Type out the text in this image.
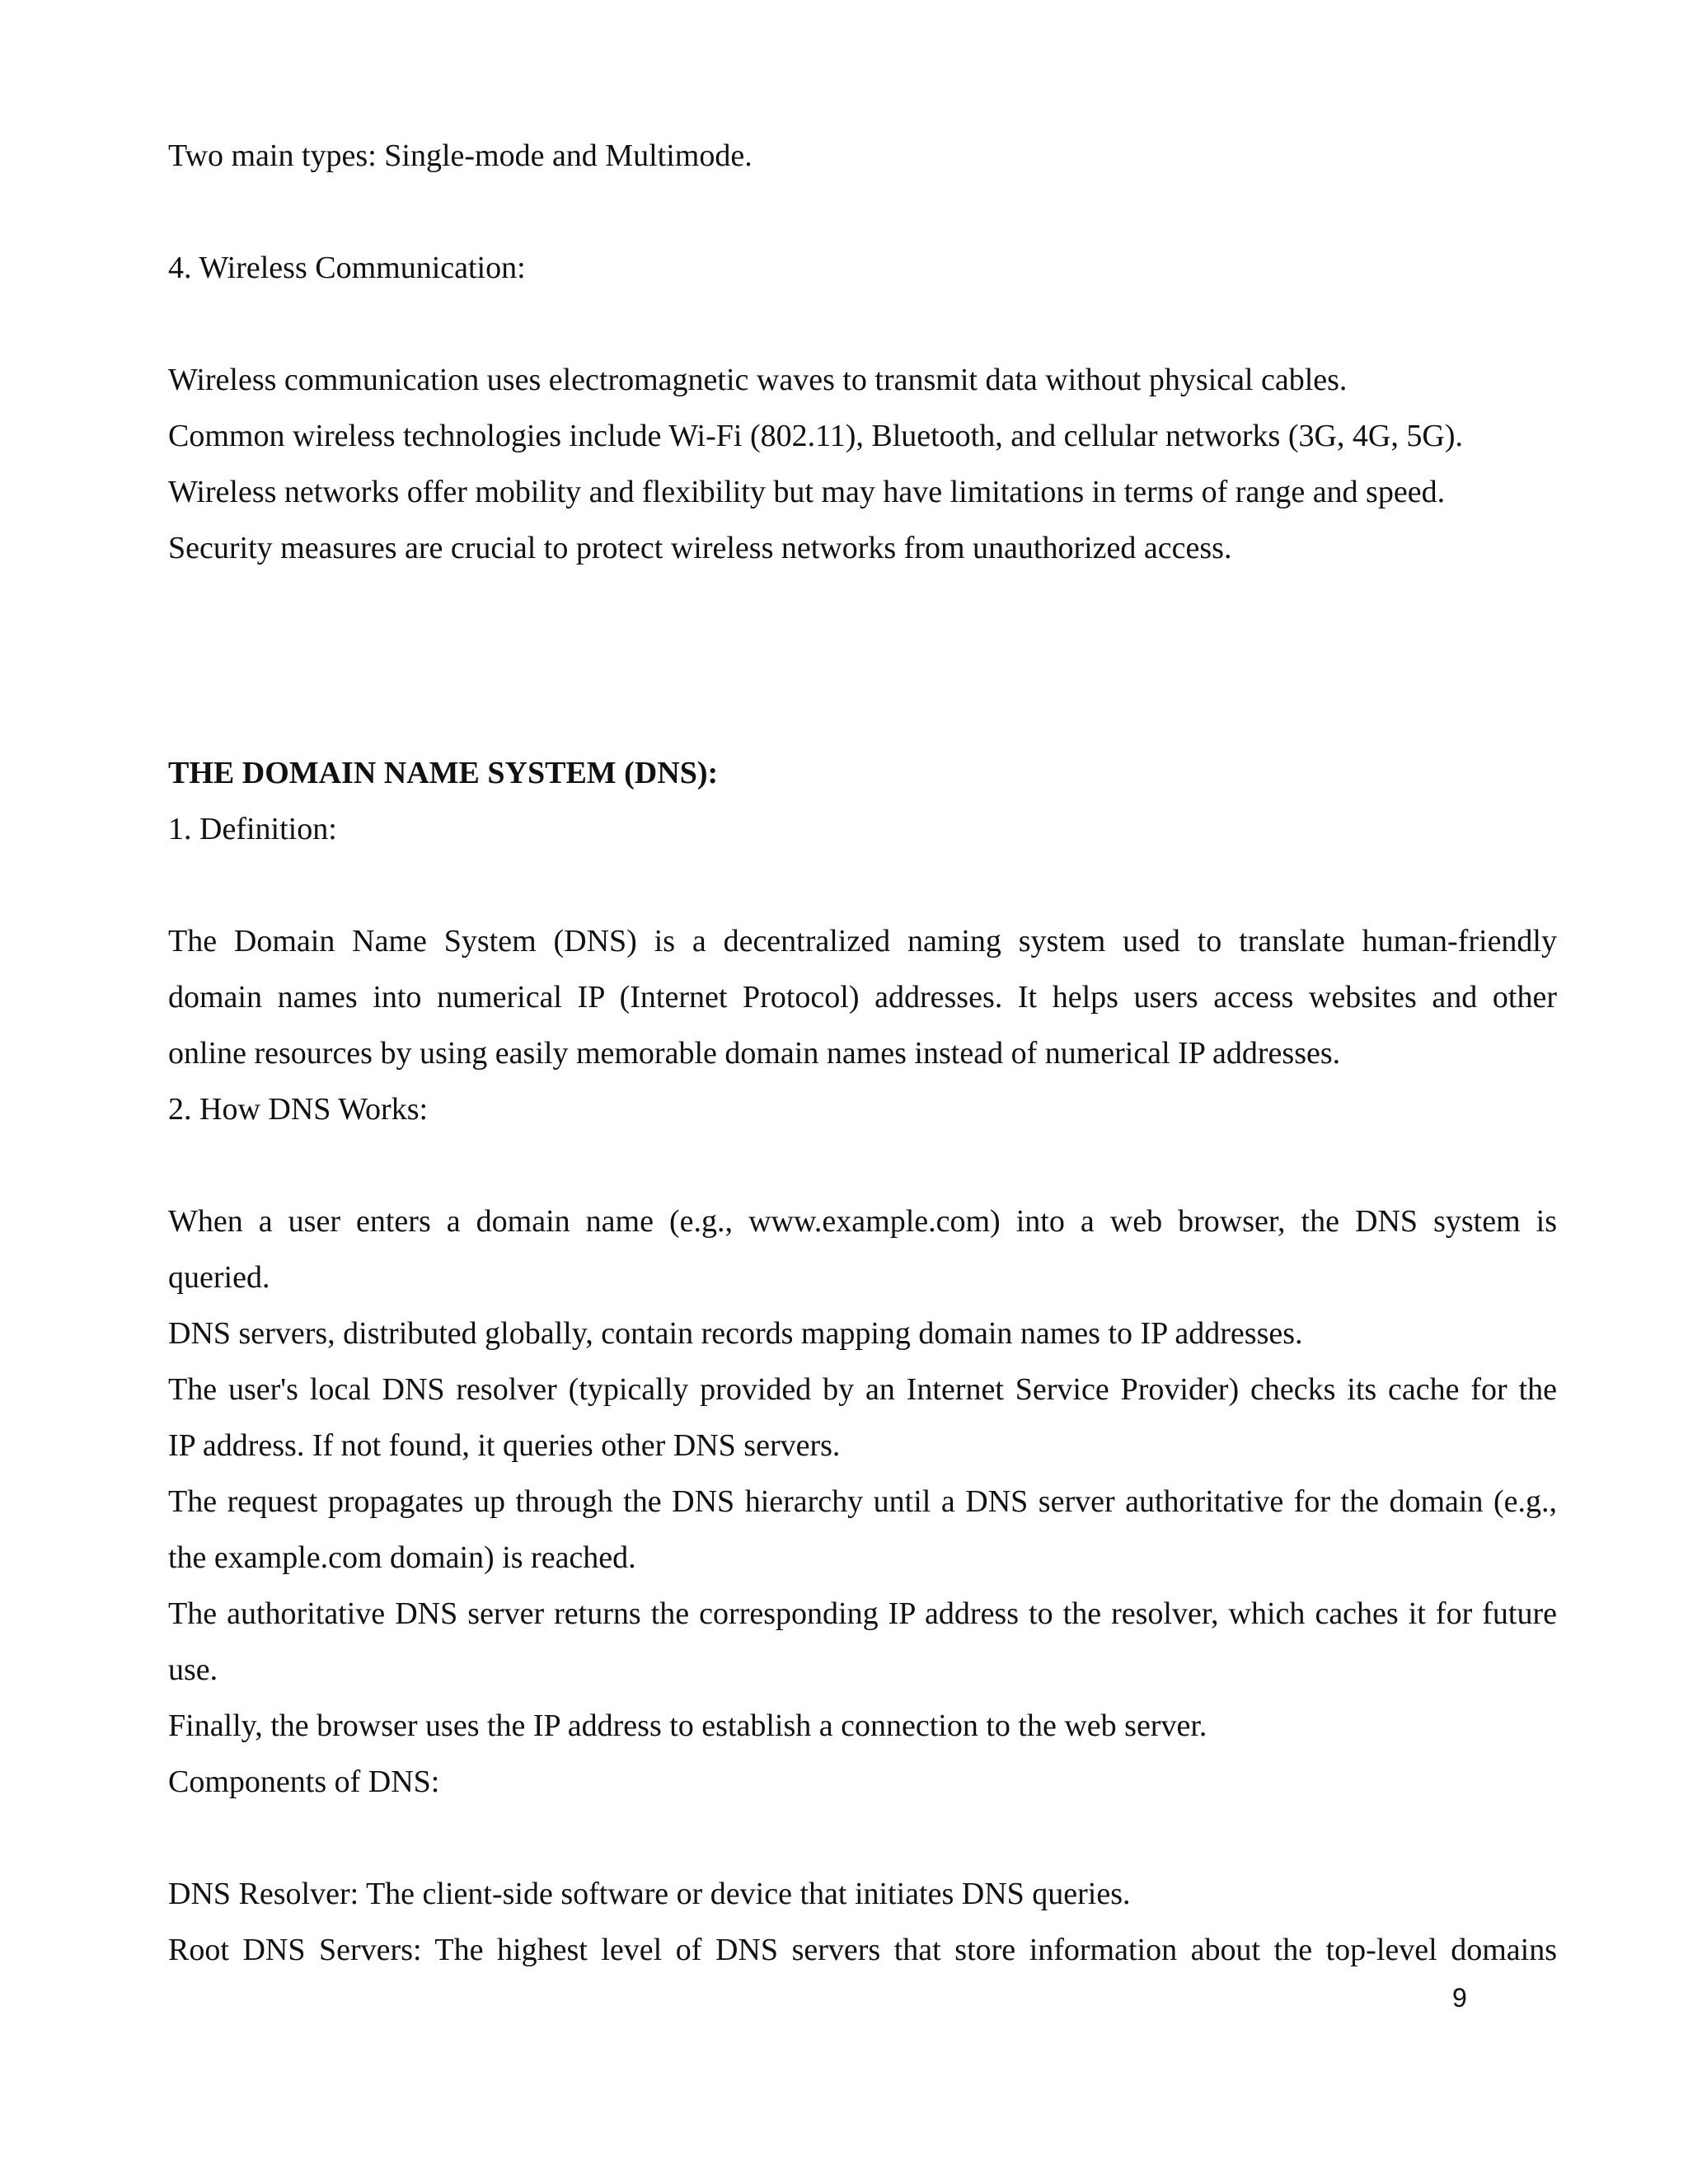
Two main types: Single-mode and Multimode.
4. Wireless Communication:
Wireless communication uses electromagnetic waves to transmit data without physical cables.
Common wireless technologies include Wi-Fi (802.11), Bluetooth, and cellular networks (3G, 4G, 5G).
Wireless networks offer mobility and flexibility but may have limitations in terms of range and speed.
Security measures are crucial to protect wireless networks from unauthorized access.
THE DOMAIN NAME SYSTEM (DNS):
1. Definition:
The Domain Name System (DNS) is a decentralized naming system used to translate human-friendly
domain names into numerical IP (Internet Protocol) addresses. It helps users access websites and other
online resources by using easily memorable domain names instead of numerical IP addresses.
2. How DNS Works:
When a user enters a domain name (e.g., www.example.com) into a web browser, the DNS system is
queried.
DNS servers, distributed globally, contain records mapping domain names to IP addresses.
The user's local DNS resolver (typically provided by an Internet Service Provider) checks its cache for the
IP address. If not found, it queries other DNS servers.
The request propagates up through the DNS hierarchy until a DNS server authoritative for the domain (e.g.,
the example.com domain) is reached.
The authoritative DNS server returns the corresponding IP address to the resolver, which caches it for future
use.
Finally, the browser uses the IP address to establish a connection to the web server.
Components of DNS:
DNS Resolver: The client-side software or device that initiates DNS queries.
Root DNS Servers: The highest level of DNS servers that store information about the top-level domains
9
